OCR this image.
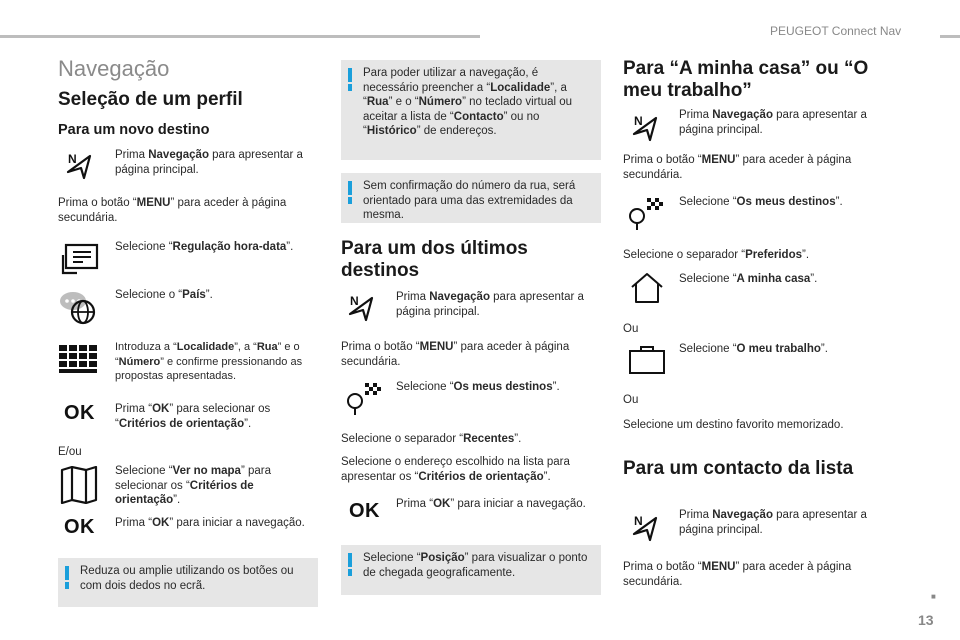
PEUGEOT Connect Nav
13
■
Navegação
Seleção de um perfil
Para um novo destino
N	Prima Navegação para apresentar a página principal.
Prima o botão “MENU” para aceder à página secundária.
Selecione “Regulação hora-data”.
Selecione o “País”.
Introduza a “Localidade”, a “Rua” e o “Número” e confirme pressionando as propostas apresentadas.
OK Prima “OK” para selecionar os “Critérios de orientação”.
E/ou
Selecione “Ver no mapa” para selecionar os “Critérios de orientação”.
OK Prima “OK” para iniciar a navegação.
Reduza ou amplie utilizando os botões ou com dois dedos no ecrã.
Para poder utilizar a navegação, é necessário preencher a “Localidade”, a “Rua” e o “Número” no teclado virtual ou aceitar a lista de “Contacto” ou no “Histórico” de endereços.
Sem confirmação do número da rua, será orientado para uma das extremidades da mesma.
Para um dos últimos destinos
N	Prima Navegação para apresentar a página principal.
Prima o botão “MENU” para aceder à página secundária.
Selecione “Os meus destinos”.
Selecione o separador “Recentes”.
Selecione o endereço escolhido na lista para apresentar os “Critérios de orientação”.
OK Prima “OK” para iniciar a navegação.
Selecione “Posição” para visualizar o ponto de chegada geograficamente.
Para “A minha casa” ou “O meu trabalho”
N	Prima Navegação para apresentar a página principal.
Prima o botão “MENU” para aceder à página secundária.
Selecione “Os meus destinos”.
Selecione o separador “Preferidos”.
Selecione “A minha casa”.
Ou
Selecione “O meu trabalho”.
Ou
Selecione um destino favorito memorizado.
Para um contacto da lista
N	Prima Navegação para apresentar a página principal.
Prima o botão “MENU” para aceder à página secundária.
